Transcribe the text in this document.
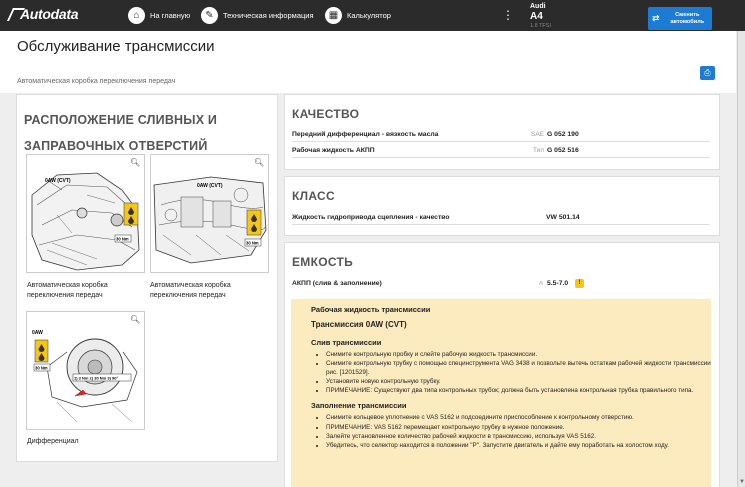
Autodata	⌂	На главную	✎	Техническая информация	▦	Калькулятор	⋮
Audi
A4
1.8 TFSI
⇄	Сменить автомобиль
Обслуживание трансмиссии
Автоматическая коробка переключения передач
⎙
▼
РАСПОЛОЖЕНИЕ СЛИВНЫХ И ЗАПРАВОЧНЫХ ОТВЕРСТИЙ
30 Nm
0AW (CVT)
🔍︎
Автоматическая коробка переключения передач
30 Nm
0AW (CVT)
🔍︎
Автоматическая коробка переключения передач
30 Nm
1) 3 Nm 2) 30 Nm 3) 90°
0AW
🔍︎
Дифференциал
КАЧЕСТВО
Передний дифференциал - вязкость масла	SAE G 052 190
Рабочая жидкость АКПП	Тип G 052 516
КЛАСС
Жидкость гидропривода сцепления - качество	VW 501.14
ЕМКОСТЬ
АКПП (слив & заполнение)	л 5.5-7.0	!
Рабочая жидкость трансмиссии
Трансмиссия 0AW (CVT)
Слив трансмиссии
• Снимите контрольную пробку и слейте рабочую жидкость трансмиссии.
• Снимите контрольную трубку с помощью специнструмента VAG 3438 и позвольте вытечь остаткам рабочей жидкости трансмиссии рис. [1201529].
• Установите новую контрольную трубку.
• ПРИМЕЧАНИЕ: Существуют два типа контрольных трубок; должна быть установлена контрольная трубка правильного типа.
Заполнение трансмиссии
• Снимите кольцевое уплотнение с VAS 5162 и подсоедините приспособление к контрольному отверстию.
• ПРИМЕЧАНИЕ: VAS 5162 перемещает контрольную трубку в нужное положение.
• Залейте установленное количество рабочей жидкости в трансмиссию, используя VAS 5162.
• Убедитесь, что селектор находится в положении "P". Запустите двигатель и дайте ему поработать на холостом ходу.
